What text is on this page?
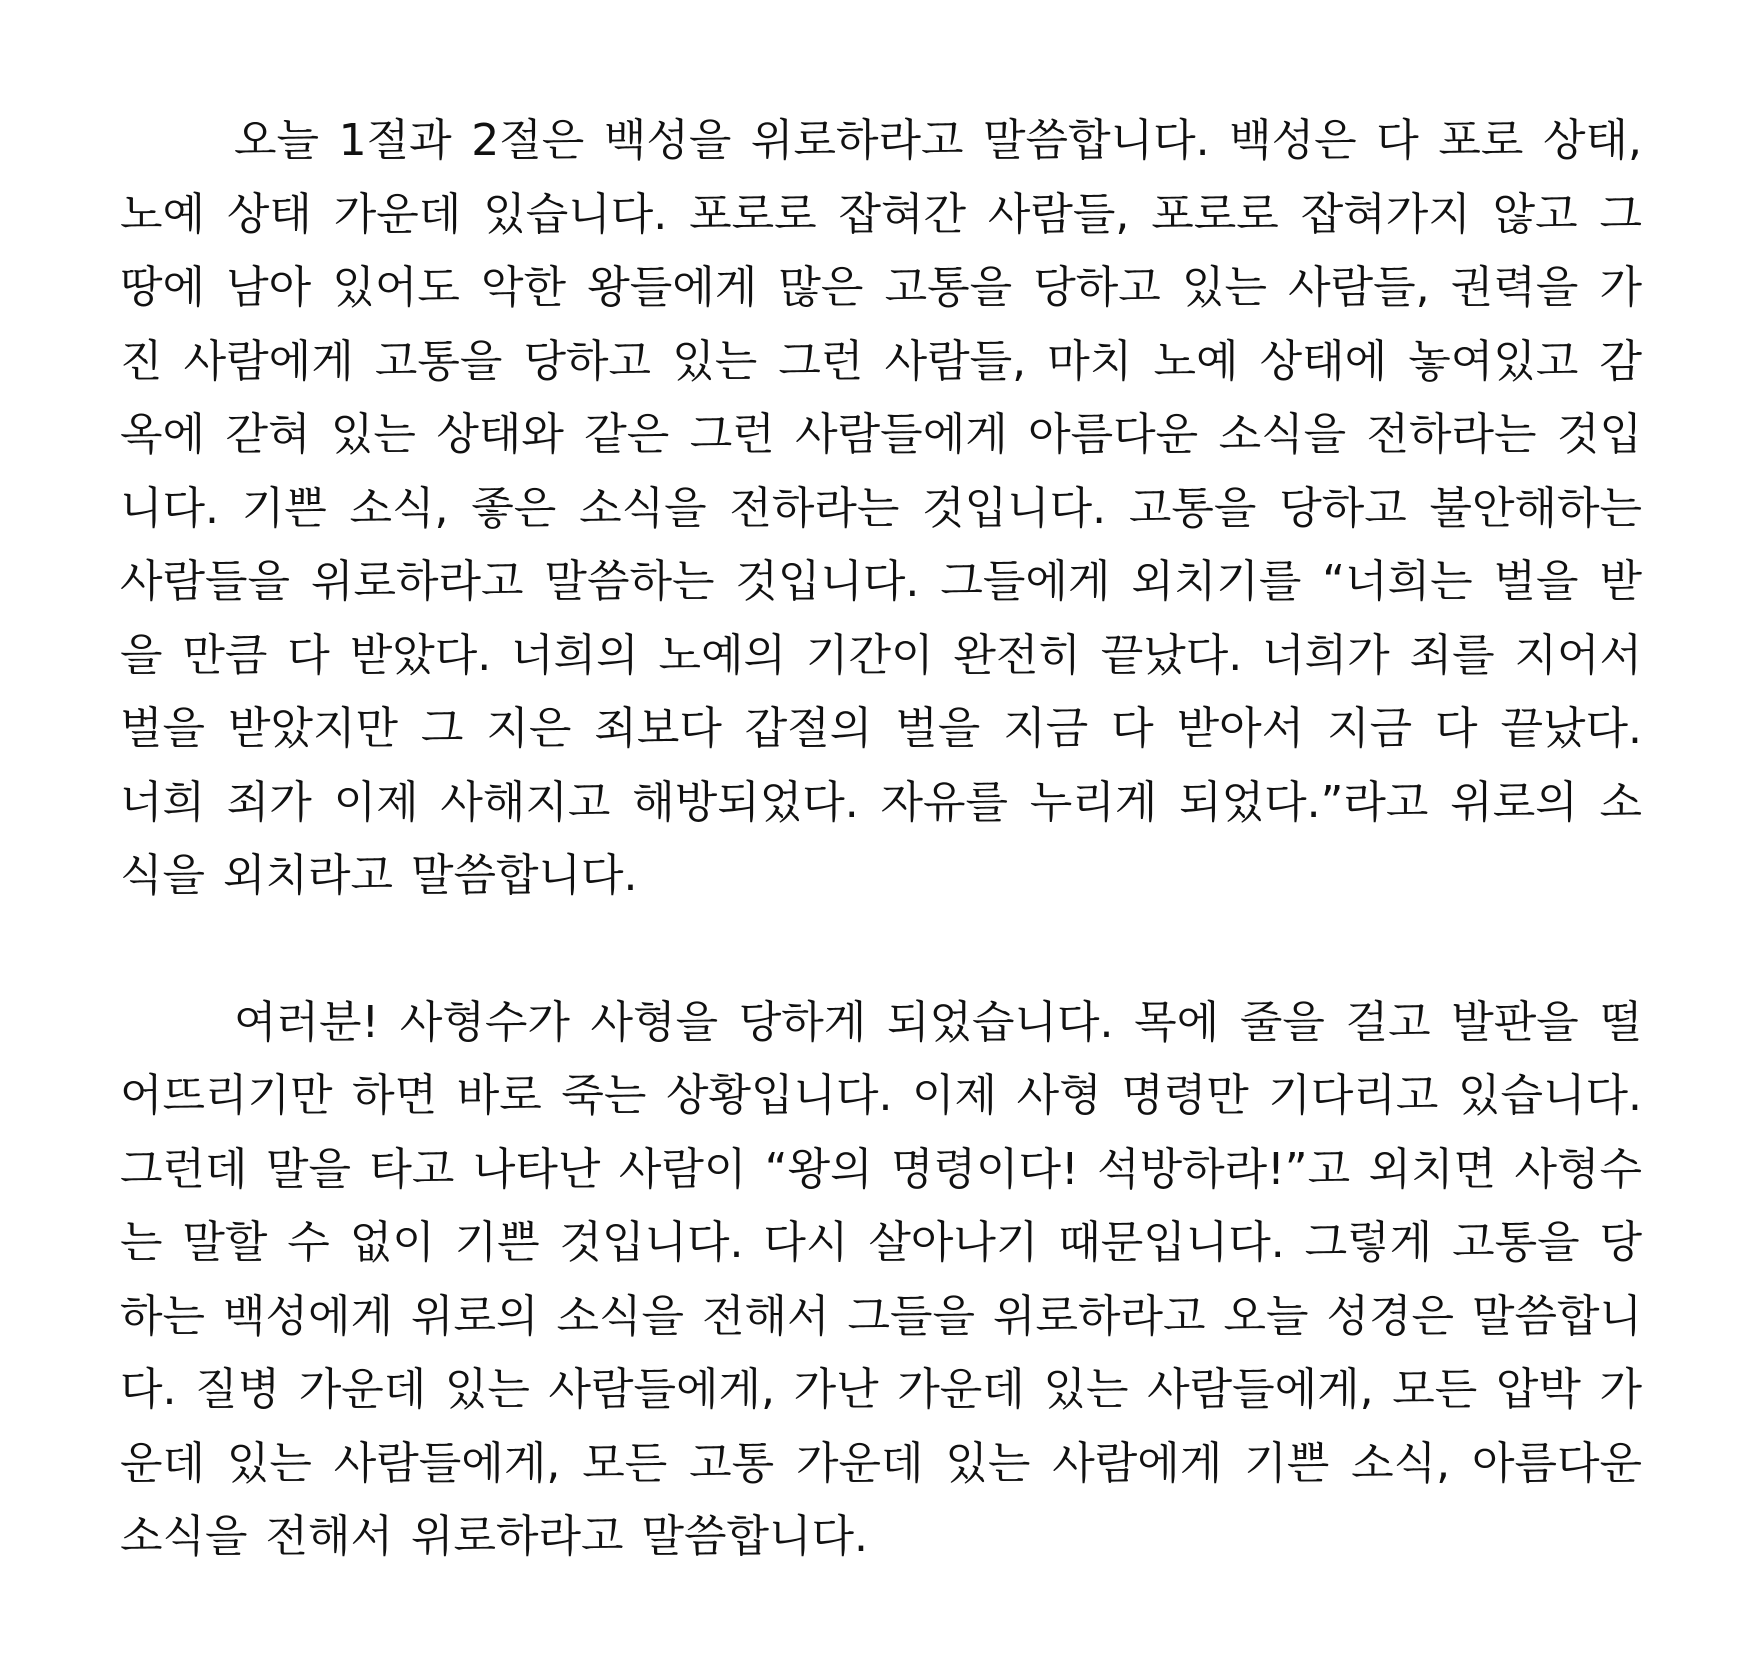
오늘 1절과 2절은 백성을 위로하라고 말씀합니다. 백성은 다 포로 상태, 노예 상태 가운데 있습니다. 포로로 잡혀간 사람들, 포로로 잡혀가지 않고 그 땅에 남아 있어도 악한 왕들에게 많은 고통을 당하고 있는 사람들, 권력을 가진 사람에게 고통을 당하고 있는 그런 사람들, 마치 노예 상태에 놓여있고 감옥에 갇혀 있는 상태와 같은 그런 사람들에게 아름다운 소식을 전하라는 것입니다. 기쁜 소식, 좋은 소식을 전하라는 것입니다. 고통을 당하고 불안해하는 사람들을 위로하라고 말씀하는 것입니다. 그들에게 외치기를 “너희는 벌을 받을 만큼 다 받았다. 너희의 노예의 기간이 완전히 끝났다. 너희가 죄를 지어서 벌을 받았지만 그 지은 죄보다 갑절의 벌을 지금 다 받아서 지금 다 끝났다. 너희 죄가 이제 사해지고 해방되었다. 자유를 누리게 되었다.”라고 위로의 소식을 외치라고 말씀합니다.

여러분! 사형수가 사형을 당하게 되었습니다. 목에 줄을 걸고 발판을 떨어뜨리기만 하면 바로 죽는 상황입니다. 이제 사형 명령만 기다리고 있습니다. 그런데 말을 타고 나타난 사람이 “왕의 명령이다! 석방하라!”고 외치면 사형수는 말할 수 없이 기쁜 것입니다. 다시 살아나기 때문입니다. 그렇게 고통을 당하는 백성에게 위로의 소식을 전해서 그들을 위로하라고 오늘 성경은 말씀합니다. 질병 가운데 있는 사람들에게, 가난 가운데 있는 사람들에게, 모든 압박 가운데 있는 사람들에게, 모든 고통 가운데 있는 사람에게 기쁜 소식, 아름다운 소식을 전해서 위로하라고 말씀합니다.
